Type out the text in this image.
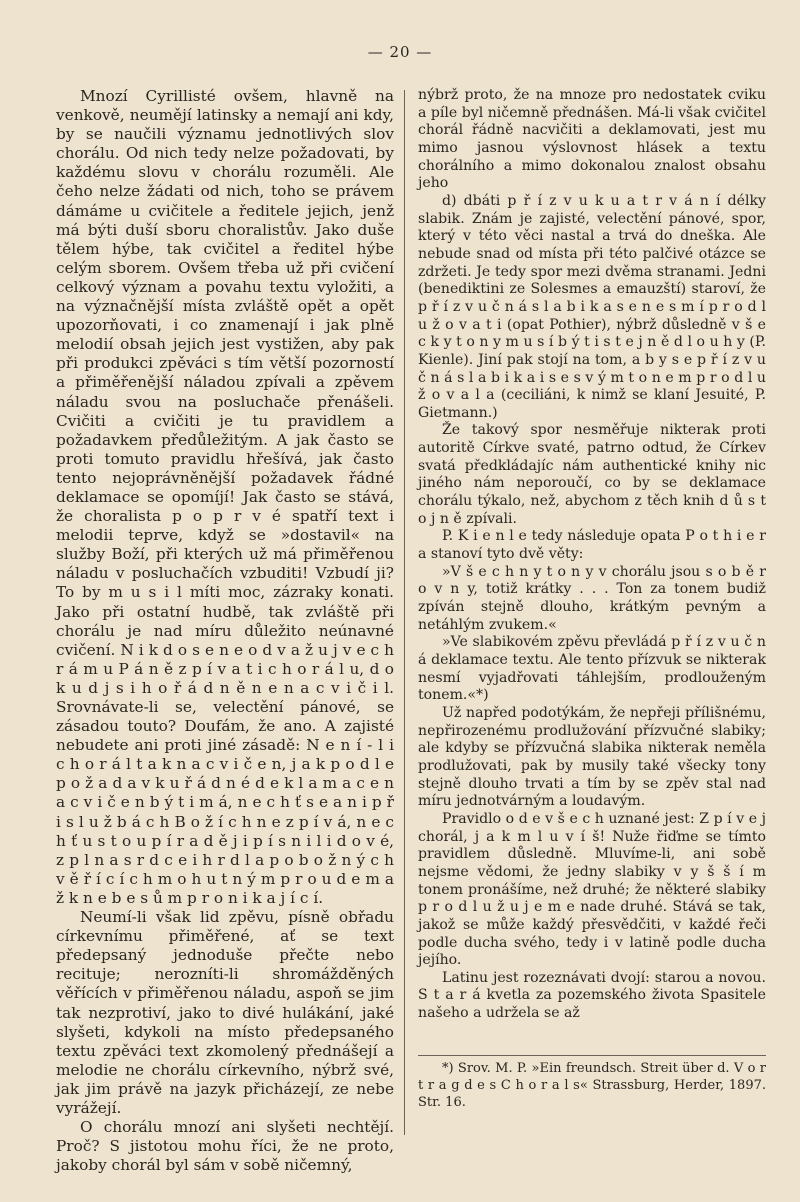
— 20 —

Mnozí Cyrillisté ovšem, hlavně na venkově, neumějí latinsky a nemají ani kdy, by se naučili významu jednotlivých slov chorálu. Od nich tedy nelze požadovati, by každému slovu v chorálu rozuměli. Ale čeho nelze žádati od nich, toho se právem dámáme u cvičitele a ředitele jejich, jenž má býti duší sboru choralistův. Jako duše tělem hýbe, tak cvičitel a ředitel hýbe celým sborem. Ovšem třeba už při cvičení celkový význam a povahu textu vyložiti, a na význačnější místa zvláště opět a opět upozorňovati, i co znamenají i jak plně melodií obsah jejich jest vystižen, aby pak při produkci zpěváci s tím větší pozorností a přiměřenější náladou zpívali a zpěvem náladu svou na posluchače přenášeli. Cvičiti a cvičiti je tu pravidlem a požadavkem předůležitým. A jak často se proti tomuto pravidlu hřešívá, jak často tento nejoprávněnější požadavek řádné deklamace se opomíjí! Jak často se stává, že choralista p o p r v é spatří text i melodii teprve, když se »dostavil« na služby Boží, při kterých už má přiměřenou náladu v posluchačích vzbuditi! Vzbudí ji? To by m u s i l míti moc, zázraky konati. Jako při ostatní hudbě, tak zvláště při chorálu je nad míru důležito neúnavné cvičení. N i k d o s e n e o d v a ž u j v e c h r á m u P á n ě z p í v a t i c h o r á l u, d o k u d j s i h o ř á d n ě n e n a c v i č i l. Srovnávate-li se, velectění pánové, se zásadou touto? Doufám, že ano. A zajisté nebudete ani proti jiné zásadě: N e n í - l i c h o r á l t a k n a c v i č e n, j a k p o d l e p o ž a d a v k u ř á d n é d e k l a m a c e n a c v i č e n b ý t i m á, n e c h ť s e a n i p ř i s l u ž b á c h B o ž í c h n e z p í v á, n e c h ť u s t o u p í r a d ě j i p í s n i l i d o v é, z p l n a s r d c e i h r d l a p o b o ž n ý c h v ě ř í c í c h m o h u t n ý m p r o u d e m a ž k n e b e s ů m p r o n i k a j í c í.

Neumí-li však lid zpěvu, písně obřadu církevnímu přiměřené, ať se text předepsaný jednoduše přečte nebo recituje; nerozníti-li shromážděných věřících v přiměřenou náladu, aspoň se jim tak nezprotiví, jako to divé hulákání, jaké slyšeti, kdykoli na místo předepsaného textu zpěváci text zkomolený přednášejí a melodie ne chorálu církevního, nýbrž své, jak jim právě na jazyk přicházejí, ze nebe vyrážejí.

O chorálu mnozí ani slyšeti nechtějí. Proč? S jistotou mohu říci, že ne proto, jakoby chorál byl sám v sobě ničemný,

nýbrž proto, že na mnoze pro nedostatek cviku a píle byl ničemně přednášen. Má-li však cvičitel chorál řádně nacvičiti a deklamovati, jest mu mimo jasnou výslovnost hlásek a textu chorálního a mimo dokonalou znalost obsahu jeho

d) dbáti p ř í z v u k u a t r v á n í délky slabik. Znám je zajisté, velectění pánové, spor, který v této věci nastal a trvá do dneška. Ale nebude snad od místa při této palčivé otázce se zdržeti. Je tedy spor mezi dvěma stranami. Jedni (benediktini ze Solesmes a emauzští) staroví, že p ř í z v u č n á s l a b i k a s e n e s m í p r o d l u ž o v a t i (opat Pothier), nýbrž důsledně v š e c k y t o n y m u s í b ý t i s t e j n ě d l o u h y (P. Kienle). Jiní pak stojí na tom, a b y s e p ř í z v u č n á s l a b i k a i s e s v ý m t o n e m p r o d l u ž o v a l a (ceciliáni, k nimž se klaní Jesuité, P. Gietmann.)

Že takový spor nesměřuje nikterak proti autoritě Církve svaté, patrno odtud, že Církev svatá předkládajíc nám authentické knihy nic jiného nám neporoučí, co by se deklamace chorálu týkalo, než, abychom z těch knih d ů s t o j n ě zpívali.

P. K i e n l e tedy následuje opata P o t h i e r a stanoví tyto dvě věty:

»V š e c h n y t o n y v chorálu jsou s o b ě r o v n y, totiž krátky . . . Ton za tonem budiž zpíván stejně dlouho, krátkým pevným a netáhlým zvukem.«

»Ve slabikovém zpěvu převládá p ř í z v u č n á deklamace textu. Ale tento přízvuk se nikterak nesmí vyjadřovati táhlejším, prodlouženým tonem.«*)

Už napřed podotýkám, že nepřeji přílišnému, nepřirozenému prodlužování přízvučné slabiky; ale kdyby se přízvučná slabika nikterak neměla prodlužovati, pak by musily také všecky tony stejně dlouho trvati a tím by se zpěv stal nad míru jednotvárným a loudavým.

Pravidlo o d e v š e c h uznané jest: Z p í v e j chorál, j a k m l u v í š! Nuže řiďme se tímto pravidlem důsledně. Mluvíme-li, ani sobě nejsme vědomi, že jedny slabiky v y š š í m tonem pronášíme, než druhé; že některé slabiky p r o d l u ž u j e m e nade druhé. Stává se tak, jakož se může každý přesvědčiti, v každé řeči podle ducha svého, tedy i v latině podle ducha jejího.

Latinu jest rozeznávati dvojí: starou a novou. S t a r á kvetla za pozemského života Spasitele našeho a udržela se až

*) Srov. M. P. »Ein freundsch. Streit über d. V o r t r a g d e s C h o r a l s« Strassburg, Herder, 1897. Str. 16.
